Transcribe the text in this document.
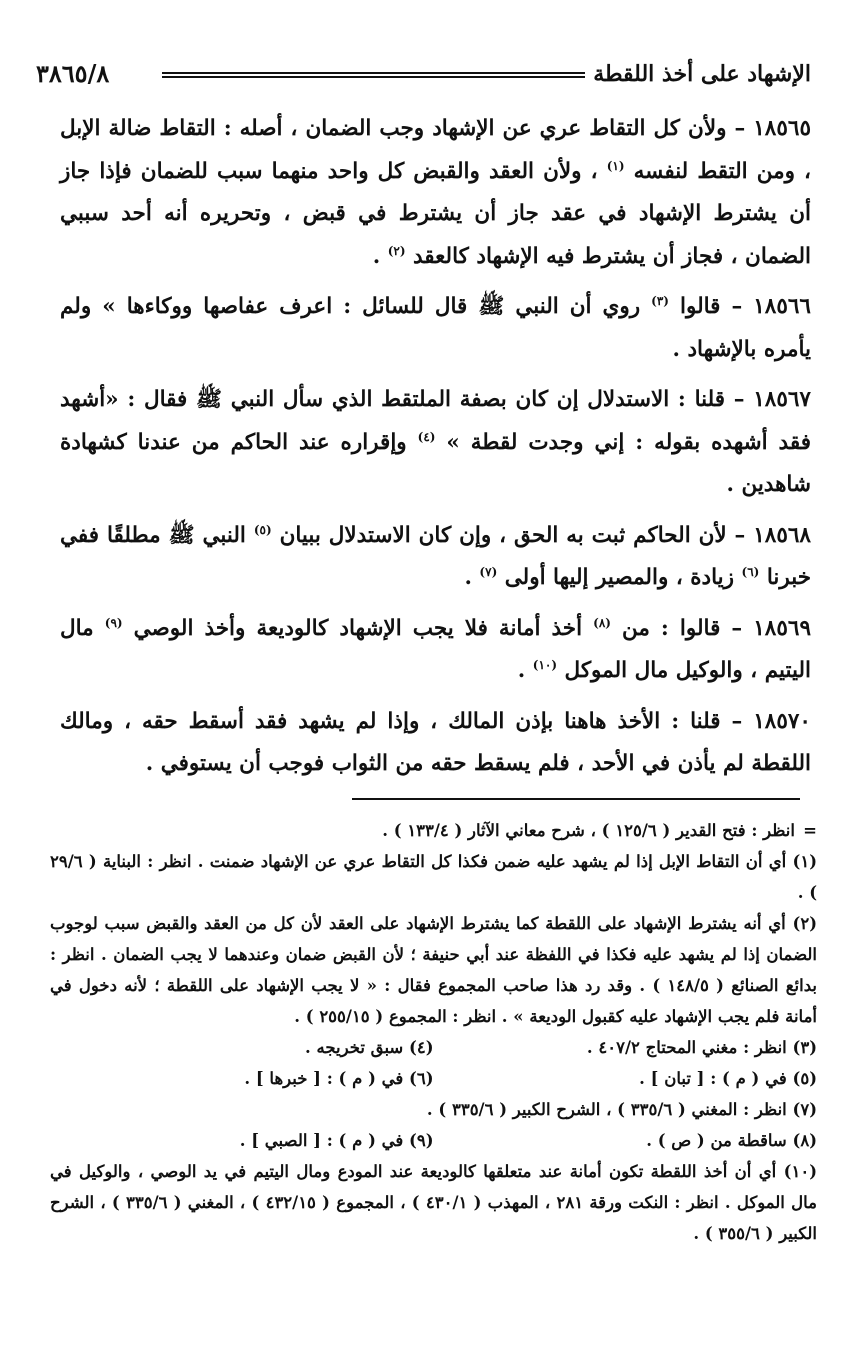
الإشهاد على أخذ اللقطة
٣٨٦٥/٨

١٨٥٦٥ – ولأن كل التقاط عري عن الإشهاد وجب الضمان ، أصله : التقاط ضالة الإبل ، ومن التقط لنفسه $^{(١)}$ ، ولأن العقد والقبض كل واحد منهما سبب للضمان فإذا جاز أن يشترط الإشهاد في عقد جاز أن يشترط في قبض ، وتحريره أنه أحد سببي الضمان ، فجاز أن يشترط فيه الإشهاد كالعقد $^{(٢)}$ .

١٨٥٦٦ – قالوا $^{(٣)}$ روي أن النبي ﷺ قال للسائل : اعرف عفاصها ووكاءها » ولم يأمره بالإشهاد .

١٨٥٦٧ – قلنا : الاستدلال إن كان بصفة الملتقط الذي سأل النبي ﷺ فقال : «أشهد فقد أشهده بقوله : إني وجدت لقطة » $^{(٤)}$ وإقراره عند الحاكم من عندنا كشهادة شاهدين .

١٨٥٦٨ – لأن الحاكم ثبت به الحق ، وإن كان الاستدلال ببيان $^{(٥)}$ النبي ﷺ مطلقًا ففي خبرنا $^{(٦)}$ زيادة ، والمصير إليها أولى $^{(٧)}$ .

١٨٥٦٩ – قالوا : من $^{(٨)}$ أخذ أمانة فلا يجب الإشهاد كالوديعة وأخذ الوصي $^{(٩)}$ مال اليتيم ، والوكيل مال الموكل $^{(١٠)}$ .

١٨٥٧٠ – قلنا : الأخذ هاهنا بإذن المالك ، وإذا لم يشهد فقد أسقط حقه ، ومالك اللقطة لم يأذن في الأحد ، فلم يسقط حقه من الثواب فوجب أن يستوفي .

=
انظر : فتح القدير ( ١٢٥/٦ ) ، شرح معاني الآثار ( ١٣٣/٤ ) .

(١) أي أن التقاط الإبل إذا لم يشهد عليه ضمن فكذا كل التقاط عري عن الإشهاد ضمنت . انظر : البناية ( ٢٩/٦ ) .

(٢) أي أنه يشترط الإشهاد على اللقطة كما يشترط الإشهاد على العقد لأن كل من العقد والقبض سبب لوجوب الضمان إذا لم يشهد عليه فكذا في اللفظة عند أبي حنيفة ؛ لأن القبض ضمان وعندهما لا يجب الضمان . انظر : بدائع الصنائع ( ١٤٨/٥ ) . وقد رد هذا صاحب المجموع فقال : « لا يجب الإشهاد على اللقطة ؛ لأنه دخول في أمانة فلم يجب الإشهاد عليه كقبول الوديعة » . انظر : المجموع ( ٢٥٥/١٥ ) .

(٣) انظر : مغني المحتاج ٤٠٧/٢ .
(٤) سبق تخريجه .
(٥) في ( م ) : [ تبان ] .
(٦) في ( م ) : [ خبرها ] .

(٧) انظر : المغني ( ٣٣٥/٦ ) ، الشرح الكبير ( ٣٣٥/٦ ) .

(٨) ساقطة من ( ص ) .
(٩) في ( م ) : [ الصبي ] .

(١٠) أي أن أخذ اللقطة تكون أمانة عند متعلقها كالوديعة عند المودع ومال اليتيم في يد الوصي ، والوكيل في مال الموكل . انظر : النكت ورقة ٢٨١ ، المهذب ( ٤٣٠/١ ) ، المجموع ( ٤٣٢/١٥ ) ، المغني ( ٣٣٥/٦ ) ، الشرح الكبير ( ٣٥٥/٦ ) .
